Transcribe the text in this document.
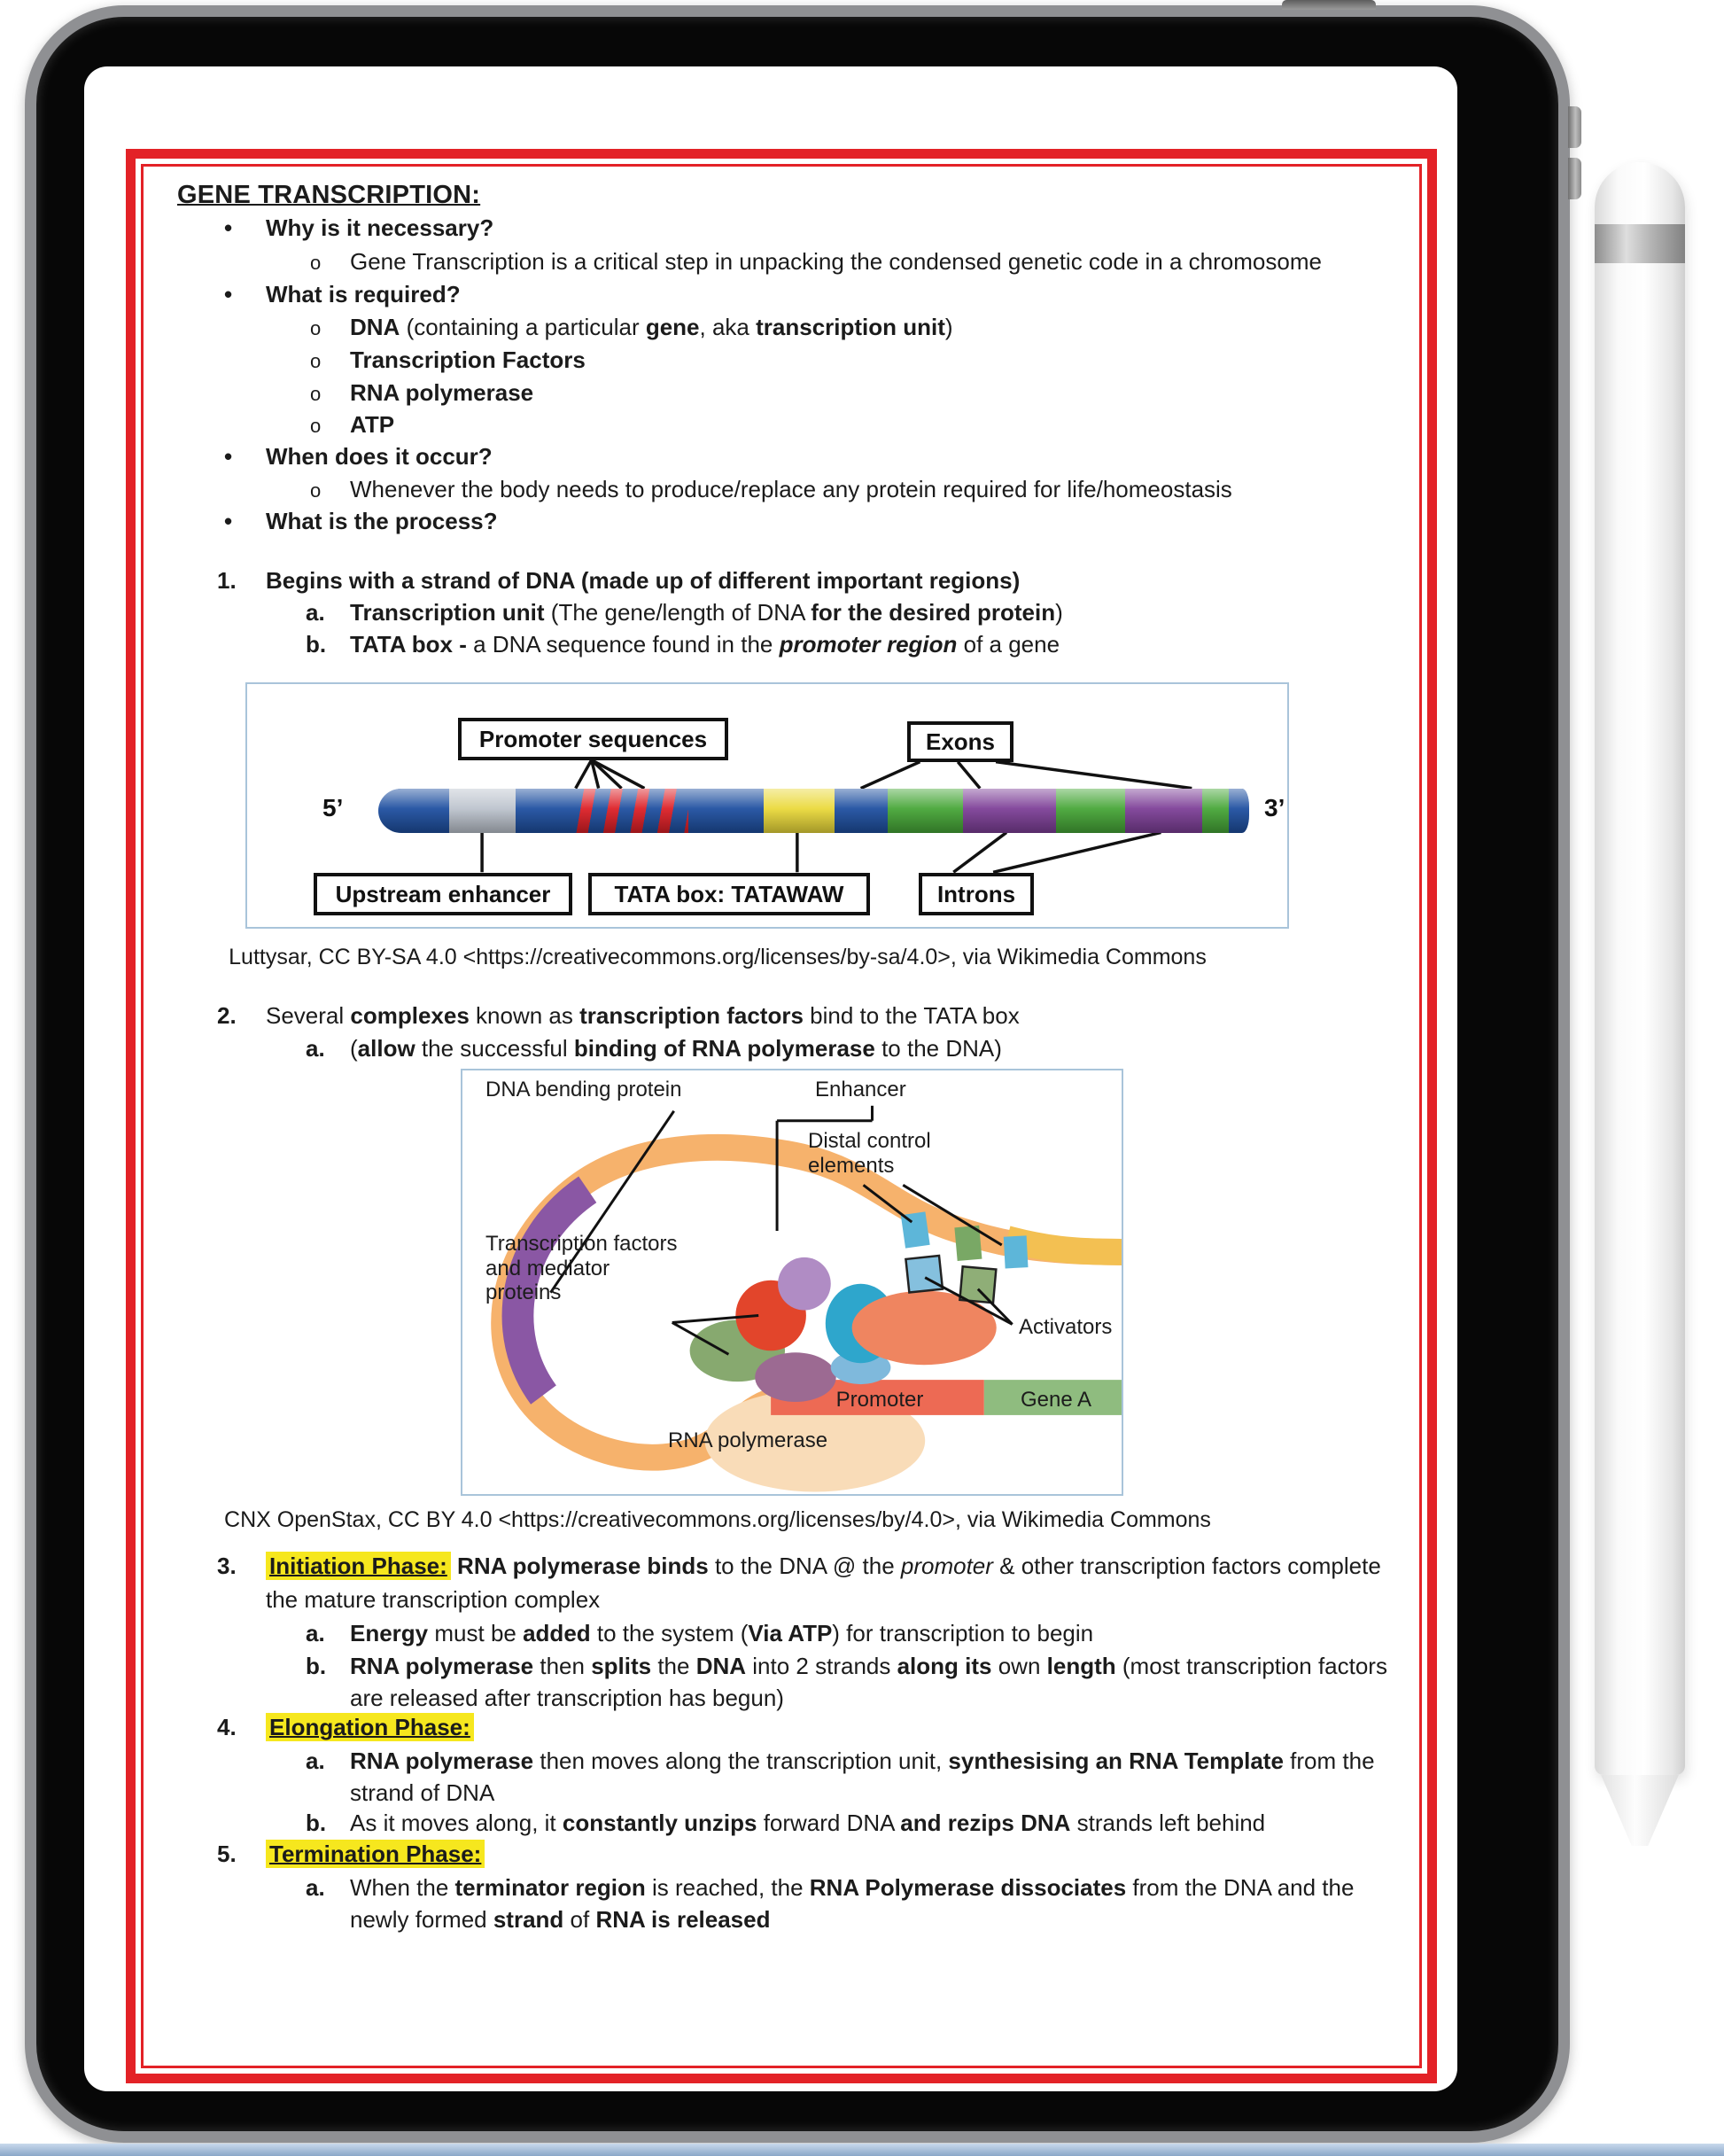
GENE TRANSCRIPTION:
• Why is it necessary?
o Gene Transcription is a critical step in unpacking the condensed genetic code in a chromosome
• What is required?
o DNA (containing a particular gene, aka transcription unit)
o Transcription Factors
o RNA polymerase
o ATP
• When does it occur?
o Whenever the body needs to produce/replace any protein required for life/homeostasis
• What is the process?
1. Begins with a strand of DNA (made up of different important regions)
a. Transcription unit (The gene/length of DNA for the desired protein)
b. TATA box - a DNA sequence found in the promoter region of a gene
Luttysar, CC BY-SA 4.0 <https://creativecommons.org/licenses/by-sa/4.0>, via Wikimedia Commons
2. Several complexes known as transcription factors bind to the TATA box
a. (allow the successful binding of RNA polymerase to the DNA)
CNX OpenStax, CC BY 4.0 <https://creativecommons.org/licenses/by/4.0>, via Wikimedia Commons
3. Initiation Phase: RNA polymerase binds to the DNA @ the promoter & other transcription factors complete
the mature transcription complex
a. Energy must be added to the system (Via ATP) for transcription to begin
b. RNA polymerase then splits the DNA into 2 strands along its own length (most transcription factors
are released after transcription has begun)
4. Elongation Phase:
a. RNA polymerase then moves along the transcription unit, synthesising an RNA Template from the
strand of DNA
b. As it moves along, it constantly unzips forward DNA and rezips DNA strands left behind
5. Termination Phase:
a. When the terminator region is reached, the RNA Polymerase dissociates from the DNA and the
newly formed strand of RNA is released
5’	3’
Promoter sequences	Exons
Upstream enhancer	TATA box: TATAWAW	Introns
DNA bending protein	Enhancer
Distal control elements
Transcription factors and mediator proteins
Activators
Promoter	Gene A
RNA polymerase
